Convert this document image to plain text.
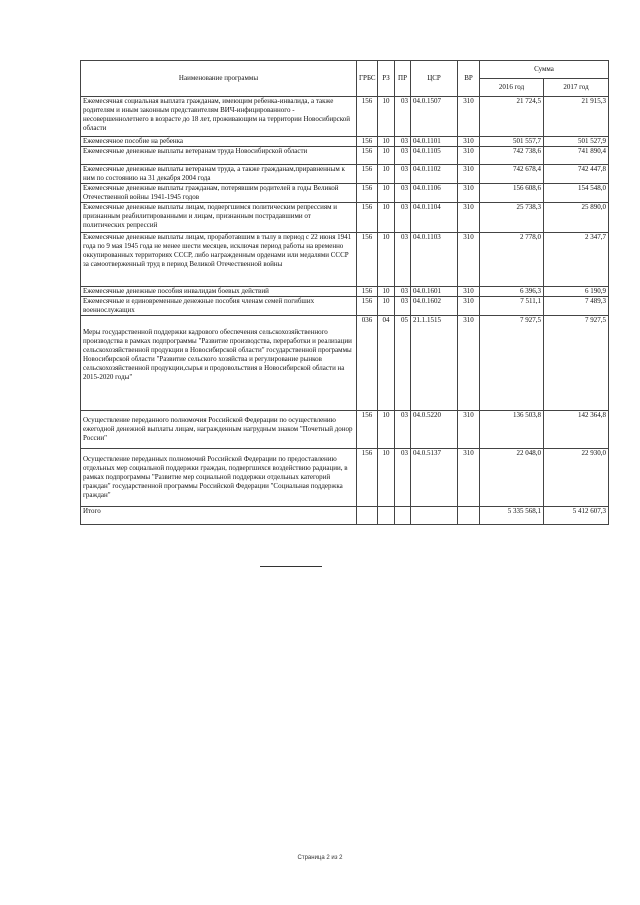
Наименование программы	ГРБС	РЗ	ПР	ЦСР	ВР	Сумма	
						2016 год	2017 год
Ежемесячная социальная выплата гражданам, имеющим ребенка-инвалида, а также родителям и иным законным представителям ВИЧ-инфицированного - несовершеннолетнего в возрасте до 18 лет, проживающим на территории Новосибирской области	156	10	03	04.0.1507	310	21 724,5	21 915,3
Ежемесячное пособие на ребенка	156	10	03	04.0.1101	310	501 557,7	501 527,9
Ежемесячные денежные выплаты ветеранам труда Новосибирской области	156	10	03	04.0.1105	310	742 738,6	741 890,4
Ежемесячные денежные выплаты ветеранам труда, а также гражданам,приравненным к ним по состоянию на 31 декабря 2004 года	156	10	03	04.0.1102	310	742 678,4	742 447,8
Ежемесячные денежные выплаты гражданам, потерявшим родителей в годы Великой Отечественной войны 1941-1945 годов	156	10	03	04.0.1106	310	156 608,6	154 548,0
Ежемесячные денежные выплаты лицам, подвергшимся политическим репрессиям и признанным реабилитированными и лицам, признанным пострадавшими от политических репрессий	156	10	03	04.0.1104	310	25 738,3	25 890,0
Ежемесячные денежные выплаты лицам, проработавшим в тылу в период с 22 июня 1941 года по 9 мая 1945 года не менее шести месяцев, исключая период работы на временно оккупированных территориях СССР, либо награжденным орденами или медалями СССР за самоотверженный труд в период Великой Отечественной войны	156	10	03	04.0.1103	310	2 778,0	2 347,7
Ежемесячные денежные пособия инвалидам боевых действий	156	10	03	04.0.1601	310	6 396,3	6 190,9
Ежемесячные и единовременные денежные пособия членам семей погибших военнослужащих	156	10	03	04.0.1602	310	7 511,1	7 489,3
Меры государственной поддержки кадрового обеспечения сельскохозяйственного производства в рамках подпрограммы "Развитие производства, переработки и реализации сельскохозяйственной продукции в Новосибирской области" государственной программы Новосибирской области "Развитие сельского хозяйства и регулирование рынков сельскохозяйственной продукции,сырья и продовольствия в Новосибирской области на 2015-2020 годы"	036	04	05	21.1.1515	310	7 927,5	7 927,5
Осуществление переданного полномочия Российской Федерации по осуществлению ежегодной денежной выплаты лицам, награжденным нагрудным знаком "Почетный донор России"	156	10	03	04.0.5220	310	136 503,8	142 364,8
Осуществление переданных полномочий Российской Федерации по предоставлению отдельных мер социальной поддержки граждан, подвергшихся воздействию радиации, в рамках подпрограммы "Развитие мер социальной поддержки отдельных категорий граждан" государственной программы Российской Федерации "Социальная поддержка граждан"	156	10	03	04.0.5137	310	22 048,0	22 930,0
Итого						5 335 568,1	5 412 607,3
Страница 2 из 2
